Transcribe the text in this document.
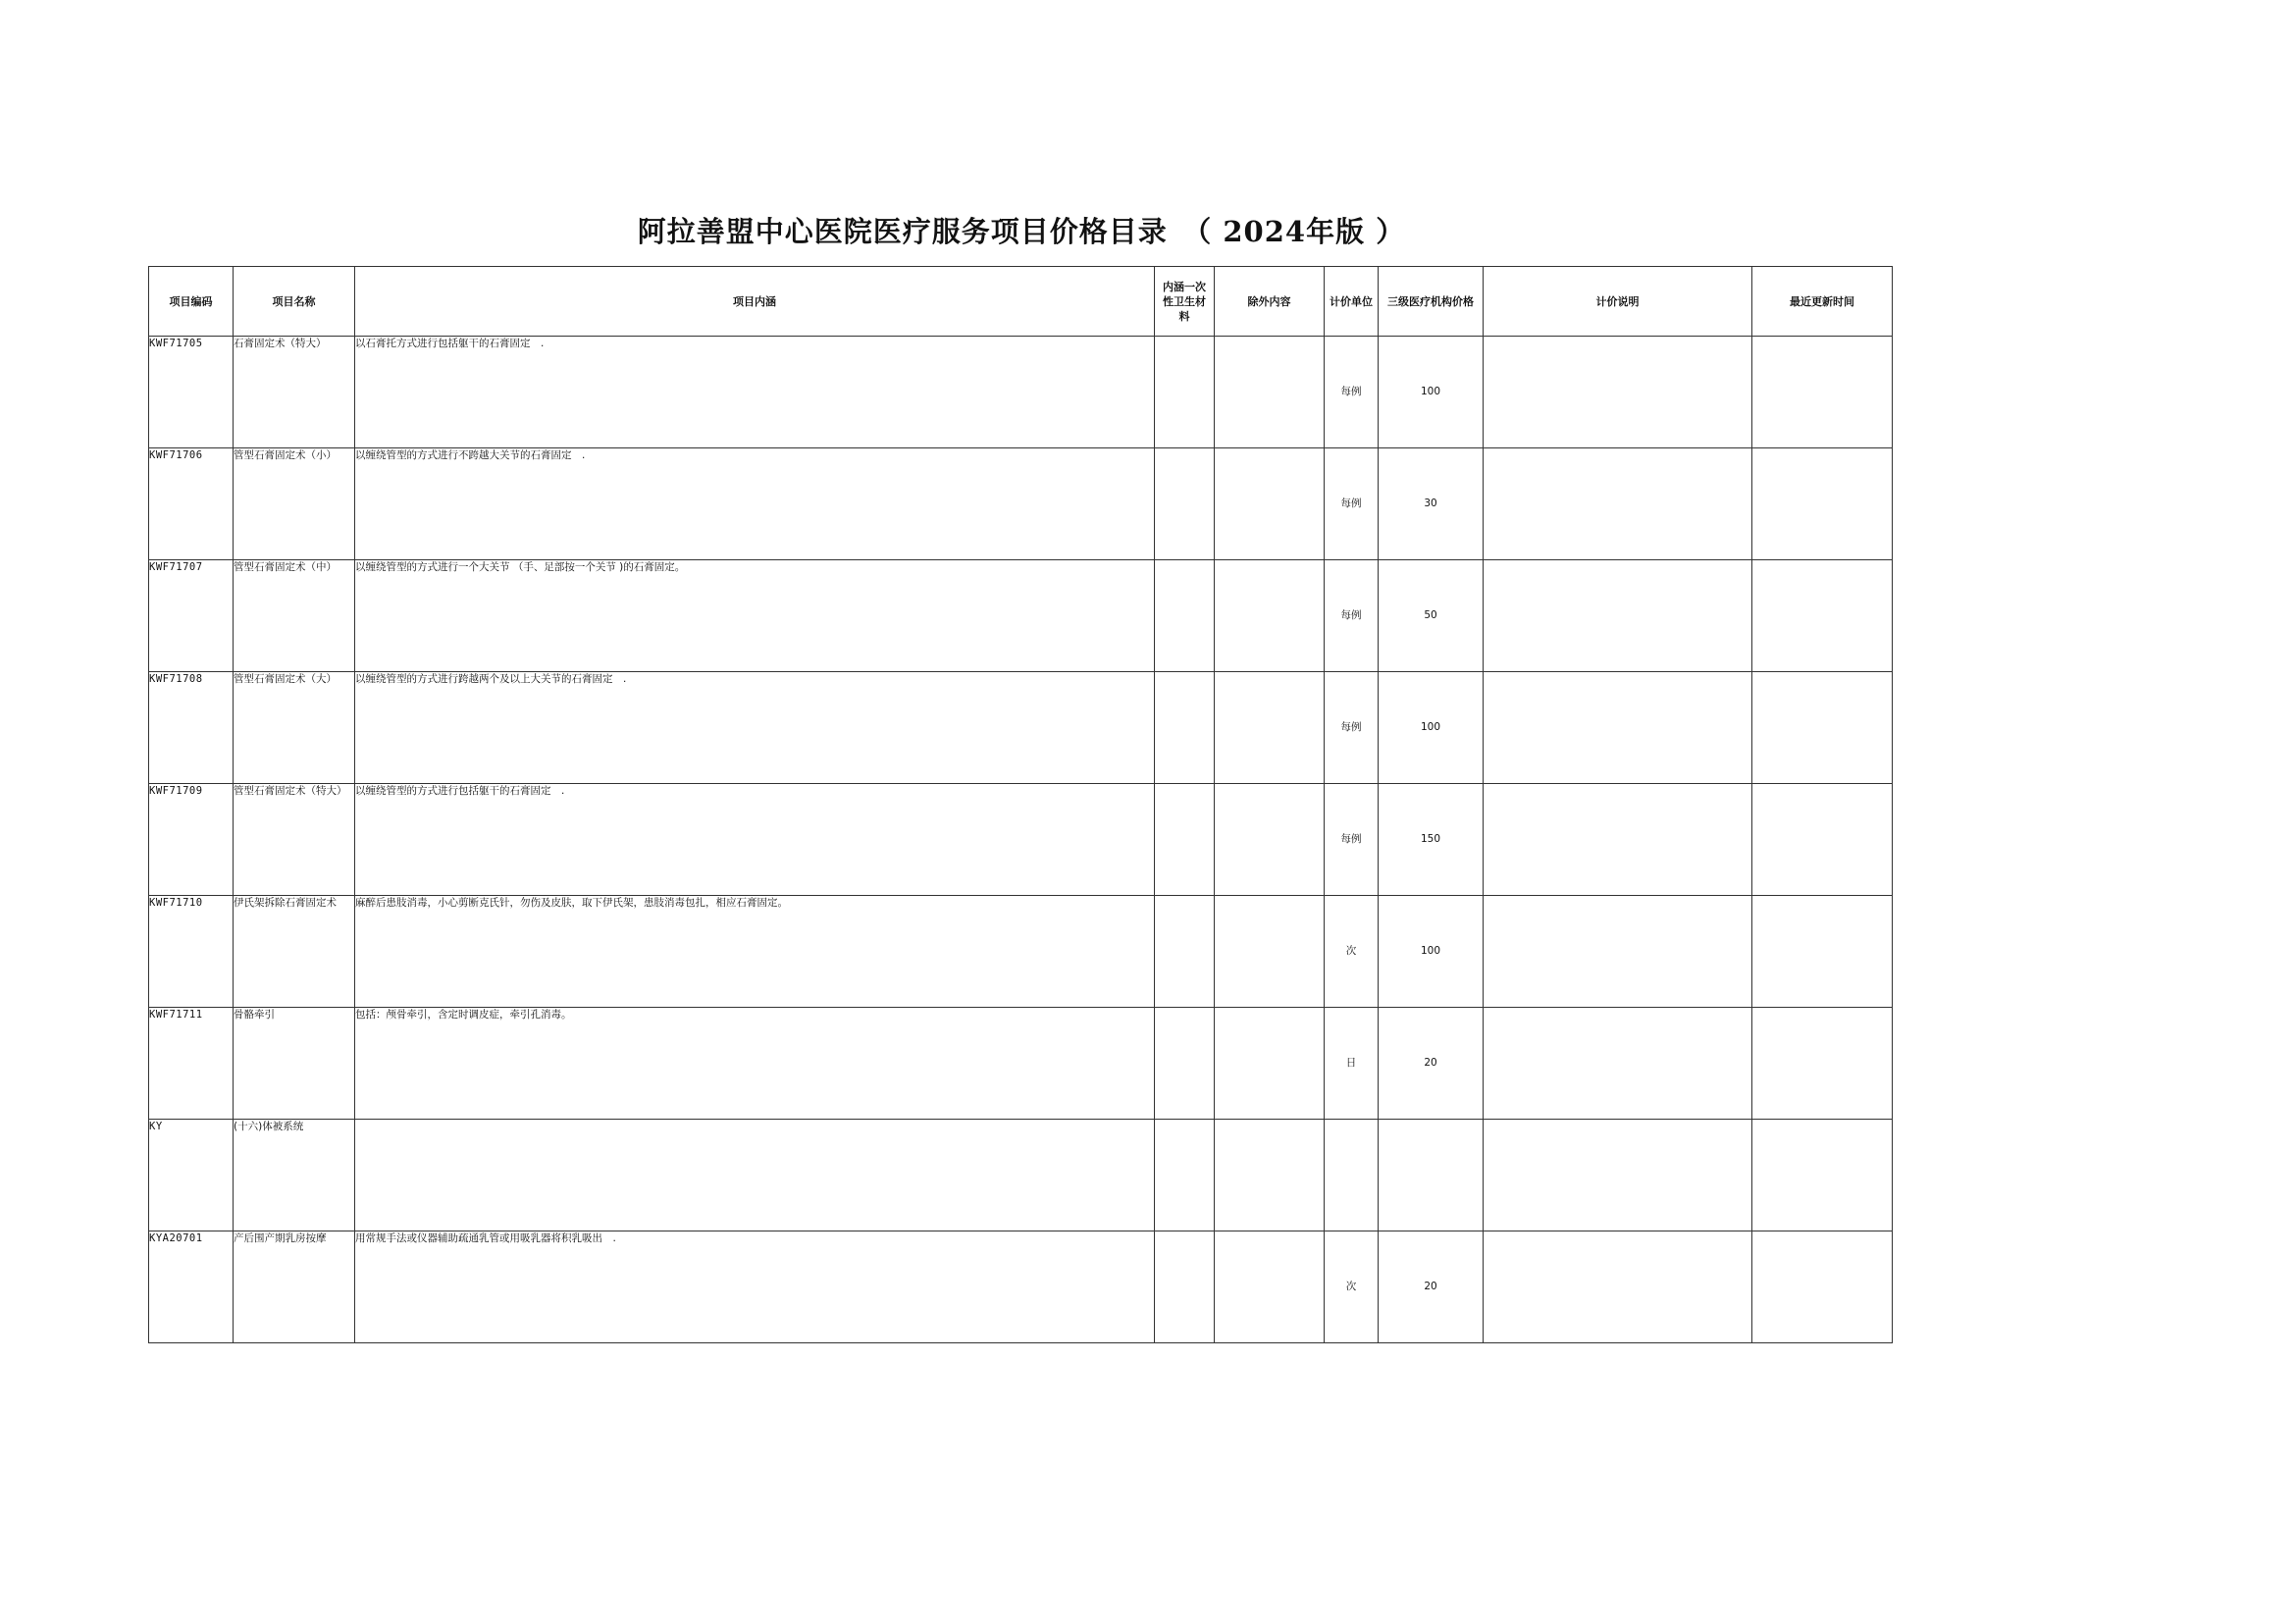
阿拉善盟中心医院医疗服务项目价格目录　（ 2024年版 ）
项目编码	项目名称	项目内涵	内涵一次性卫生材料	除外内容	计价单位	三级医疗机构价格	计价说明	最近更新时间
KWF71705	石膏固定术（特大）	以石膏托方式进行包括躯干的石膏固定　.			每例	100		
KWF71706	管型石膏固定术（小）	以缠绕管型的方式进行不跨越大关节的石膏固定　.			每例	30		
KWF71707	管型石膏固定术（中）	以缠绕管型的方式进行一个大关节 （手、足部按一个关节 )的石膏固定。			每例	50		
KWF71708	管型石膏固定术（大）	以缠绕管型的方式进行跨越两个及以上大关节的石膏固定　.			每例	100		
KWF71709	管型石膏固定术（特大）	以缠绕管型的方式进行包括躯干的石膏固定　.			每例	150		
KWF71710	伊氏架拆除石膏固定术	麻醉后患肢消毒，小心剪断克氏针，勿伤及皮肤，取下伊氏架，患肢消毒包扎，相应石膏固定。			次	100		
KWF71711	骨骼牵引	包括：颅骨牵引，含定时调皮症，牵引孔消毒。			日	20		
KY	(十六)体被系统							
KYA20701	产后围产期乳房按摩	用常规手法或仪器辅助疏通乳管或用吸乳器将积乳吸出　.			次	20		
